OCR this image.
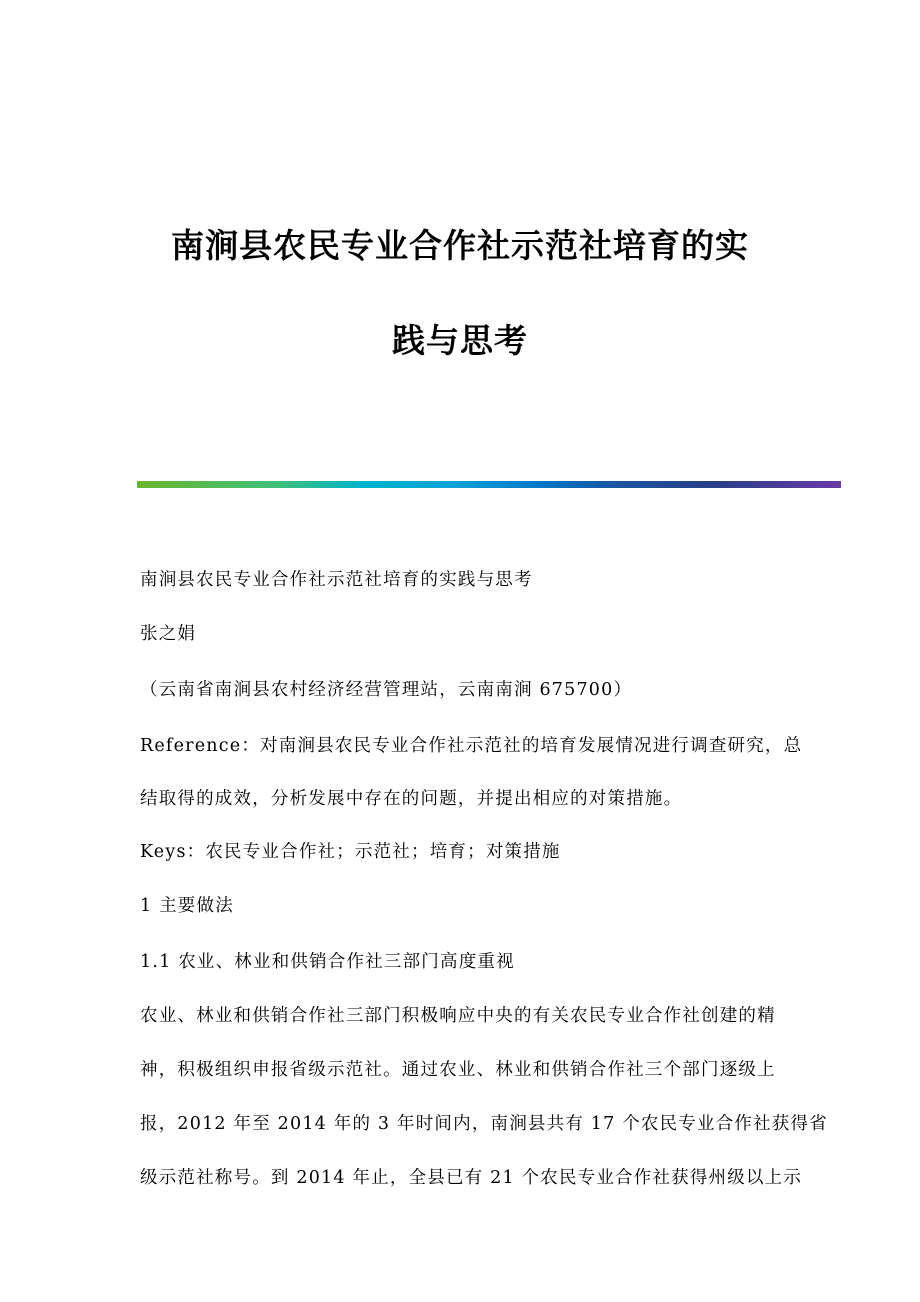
南涧县农民专业合作社示范社培育的实
践与思考
南涧县农民专业合作社示范社培育的实践与思考
张之娟
（云南省南涧县农村经济经营管理站，云南南涧 675700）
Reference：对南涧县农民专业合作社示范社的培育发展情况进行调查研究，总
结取得的成效，分析发展中存在的问题，并提出相应的对策措施。
Keys：农民专业合作社；示范社；培育；对策措施
1 主要做法
1.1 农业、林业和供销合作社三部门高度重视
农业、林业和供销合作社三部门积极响应中央的有关农民专业合作社创建的精
神，积极组织申报省级示范社。通过农业、林业和供销合作社三个部门逐级上
报，2012 年至 2014 年的 3 年时间内，南涧县共有 17 个农民专业合作社获得省
级示范社称号。到 2014 年止，全县已有 21 个农民专业合作社获得州级以上示
